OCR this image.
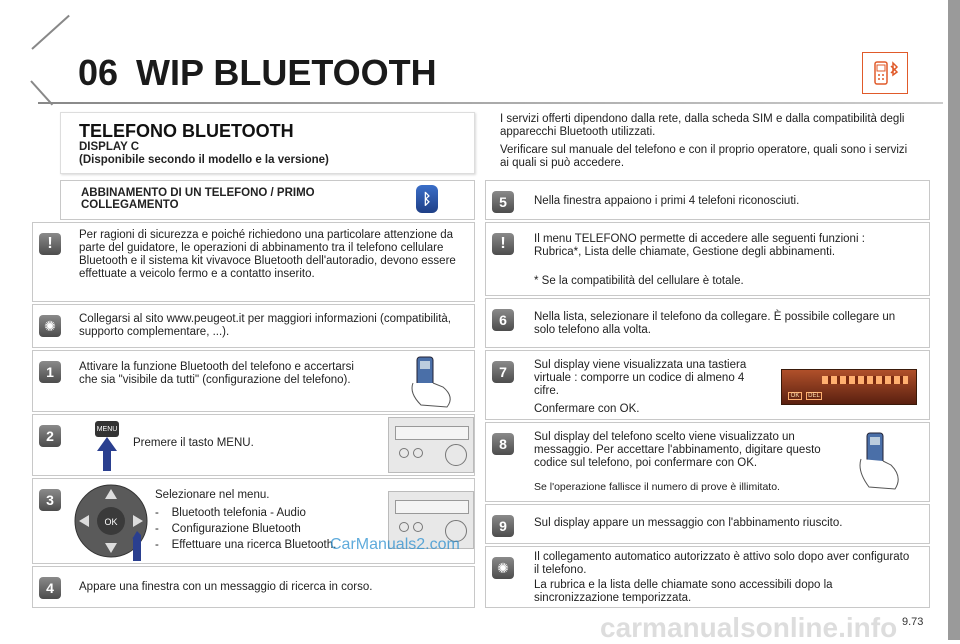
06 WIP BLUETOOTH
TELEFONO BLUETOOTH
DISPLAY C
(Disponibile secondo il modello e la versione)

I servizi offerti dipendono dalla rete, dalla scheda SIM e dalla compatibilità degli apparecchi Bluetooth utilizzati.

Verificare sul manuale del telefono e con il proprio operatore, quali sono i servizi ai quali si può accedere.

ABBINAMENTO DI UN TELEFONO / PRIMO
COLLEGAMENTO	ᛒ
!	Per ragioni di sicurezza e poiché richiedono una particolare attenzione da parte del guidatore, le operazioni di abbinamento tra il telefono cellulare Bluetooth e il sistema kit vivavoce Bluetooth dell'autoradio, devono essere effettuate a veicolo fermo e a contatto inserito.

✺	Collegarsi al sito www.peugeot.it per maggiori informazioni (compatibilità, supporto complementare, ...).

1	Attivare la funzione Bluetooth del telefono e accertarsi che sia "visibile da tutti" (configurazione del telefono).

2	MENU

Premere il tasto MENU.

3
OK

Selezionare nel menu.

- Bluetooth telefonia - Audio
- Configurazione Bluetooth
- Effettuare una ricerca Bluetooth.
4	Appare una finestra con un messaggio di ricerca in corso.

5	Nella finestra appaiono i primi 4 telefoni riconosciuti.

!	Il menu TELEFONO permette di accedere alle seguenti funzioni : Rubrica*, Lista delle chiamate, Gestione degli abbinamenti.

* Se la compatibilità del cellulare è totale.

6	Nella lista, selezionare il telefono da collegare. È possibile collegare un solo telefono alla volta.

7	Sul display viene visualizzata una tastiera virtuale : comporre un codice di almeno 4 cifre.

Confermare con OK.

OK	DEL
8	Sul display del telefono scelto viene visualizzato un messaggio. Per accettare l'abbinamento, digitare questo codice sul telefono, poi confermare con OK.

Se l'operazione fallisce il numero di prove è illimitato.

9	Sul display appare un messaggio con l'abbinamento riuscito.

✺

Il collegamento automatico autorizzato è attivo solo dopo aver configurato il telefono.

La rubrica e la lista delle chiamate sono accessibili dopo la sincronizzazione temporizzata.

CarManuals2.com
carmanualsonline.info 9.73
